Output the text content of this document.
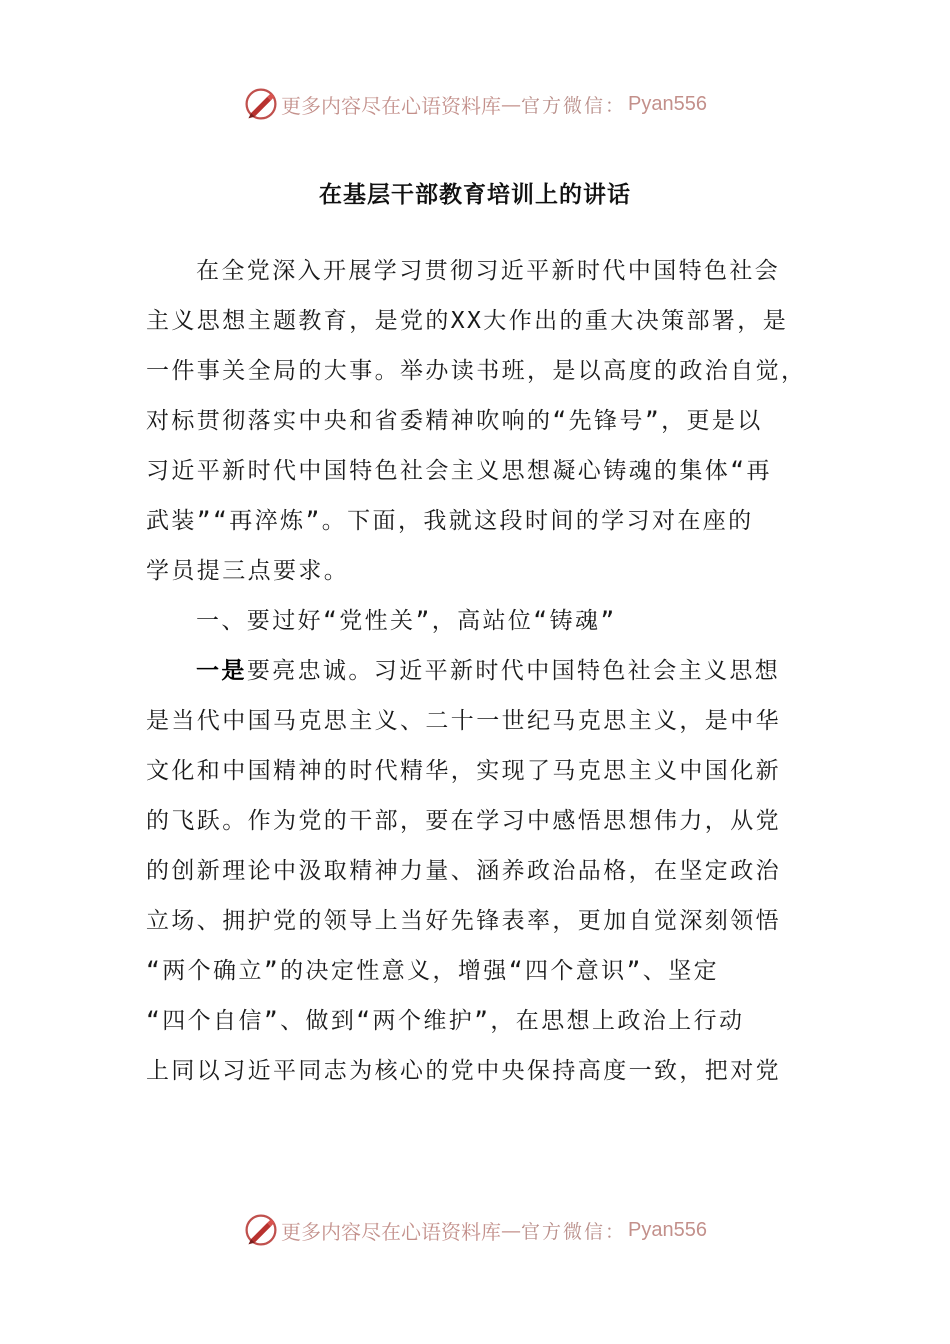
更多内容尽在心语资料库 — 官方微信： Pyan556
在基层干部教育培训上的讲话
在全党深入开展学习贯彻习近平新时代中国特色社会
主义思想主题教育，是党的XX大作出的重大决策部署，是
一件事关全局的大事。举办读书班，是以高度的政治自觉，
对标贯彻落实中央和省委精神吹响的“先锋号”，更是以
习近平新时代中国特色社会主义思想凝心铸魂的集体“再
武装”“再淬炼”。下面，我就这段时间的学习对在座的
学员提三点要求。
一、要过好“党性关”，高站位“铸魂”
一是要亮忠诚。习近平新时代中国特色社会主义思想
是当代中国马克思主义、二十一世纪马克思主义，是中华
文化和中国精神的时代精华，实现了马克思主义中国化新
的飞跃。作为党的干部，要在学习中感悟思想伟力，从党
的创新理论中汲取精神力量、涵养政治品格，在坚定政治
立场、拥护党的领导上当好先锋表率，更加自觉深刻领悟
“两个确立”的决定性意义，增强“四个意识”、坚定
“四个自信”、做到“两个维护”，在思想上政治上行动
上同以习近平同志为核心的党中央保持高度一致，把对党
更多内容尽在心语资料库 — 官方微信： Pyan556
